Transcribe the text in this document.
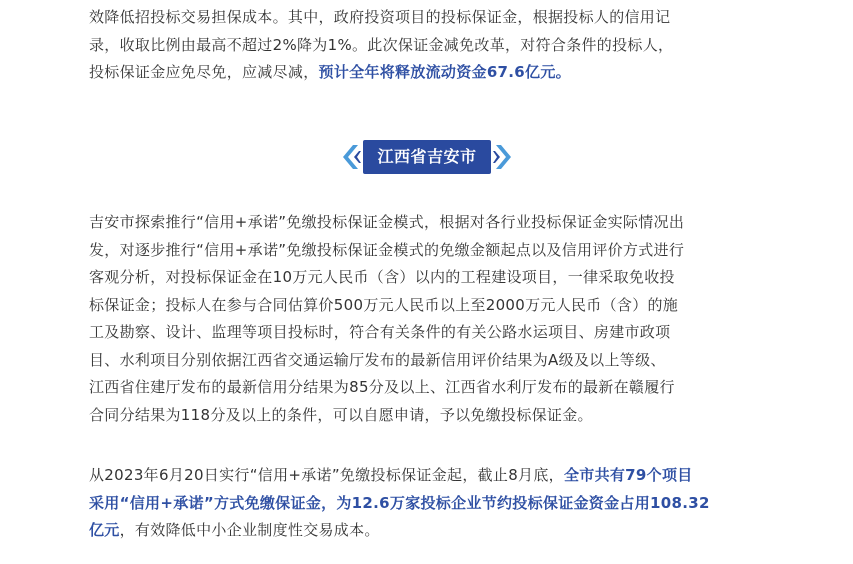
效降低招投标交易担保成本。其中，政府投资项目的投标保证金，根据投标人的信用记
录，收取比例由最高不超过2%降为1%。此次保证金减免改革，对符合条件的投标人，
投标保证金应免尽免，应减尽减，预计全年将释放流动资金67.6亿元。

吉安市探索推行“信用+承诺”免缴投标保证金模式，根据对各行业投标保证金实际情况出
发，对逐步推行“信用+承诺”免缴投标保证金模式的免缴金额起点以及信用评价方式进行
客观分析，对投标保证金在10万元人民币（含）以内的工程建设项目，一律采取免收投
标保证金；投标人在参与合同估算价500万元人民币以上至2000万元人民币（含）的施
工及勘察、设计、监理等项目投标时，符合有关条件的有关公路水运项目、房建市政项
目、水利项目分别依据江西省交通运输厅发布的最新信用评价结果为A级及以上等级、
江西省住建厅发布的最新信用分结果为85分及以上、江西省水利厅发布的最新在赣履行
合同分结果为118分及以上的条件，可以自愿申请，予以免缴投标保证金。

从2023年6月20日实行“信用+承诺”免缴投标保证金起，截止8月底，全市共有79个项目
采用“信用+承诺”方式免缴保证金，为12.6万家投标企业节约投标保证金资金占用108.32
亿元，有效降低中小企业制度性交易成本。

江西省吉安市
